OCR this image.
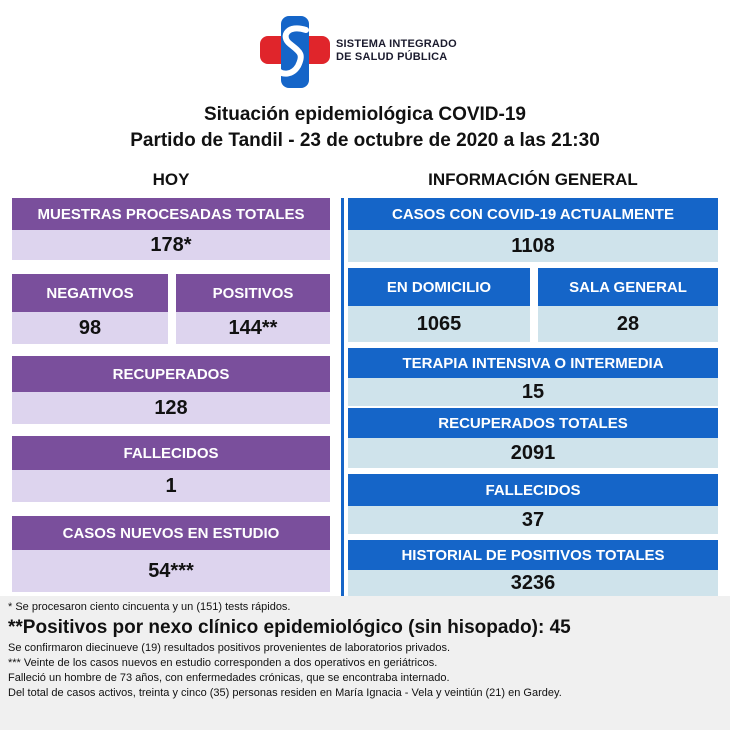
SISTEMA INTEGRADO
DE SALUD PÚBLICA
Situación epidemiológica COVID-19
Partido de Tandil - 23 de octubre de 2020 a las 21:30
HOY	INFORMACIÓN GENERAL
MUESTRAS PROCESADAS TOTALES
178*
NEGATIVOS
98
POSITIVOS
144**
RECUPERADOS
128
FALLECIDOS
1
CASOS NUEVOS EN ESTUDIO
54***
CASOS CON COVID-19 ACTUALMENTE
1108
EN DOMICILIO
1065
SALA GENERAL
28
TERAPIA INTENSIVA O INTERMEDIA
15
RECUPERADOS TOTALES
2091
FALLECIDOS
37
HISTORIAL DE POSITIVOS TOTALES
3236
* Se procesaron ciento cincuenta y un (151) tests rápidos.
**Positivos por nexo clínico epidemiológico (sin hisopado): 45
Se confirmaron diecinueve (19) resultados positivos provenientes de laboratorios privados.
*** Veinte de los casos nuevos en estudio corresponden a dos operativos en geriátricos.
Falleció un hombre de 73 años, con enfermedades crónicas, que se encontraba internado.
Del total de casos activos, treinta y cinco (35) personas residen en María Ignacia - Vela y veintiún (21) en Gardey.
